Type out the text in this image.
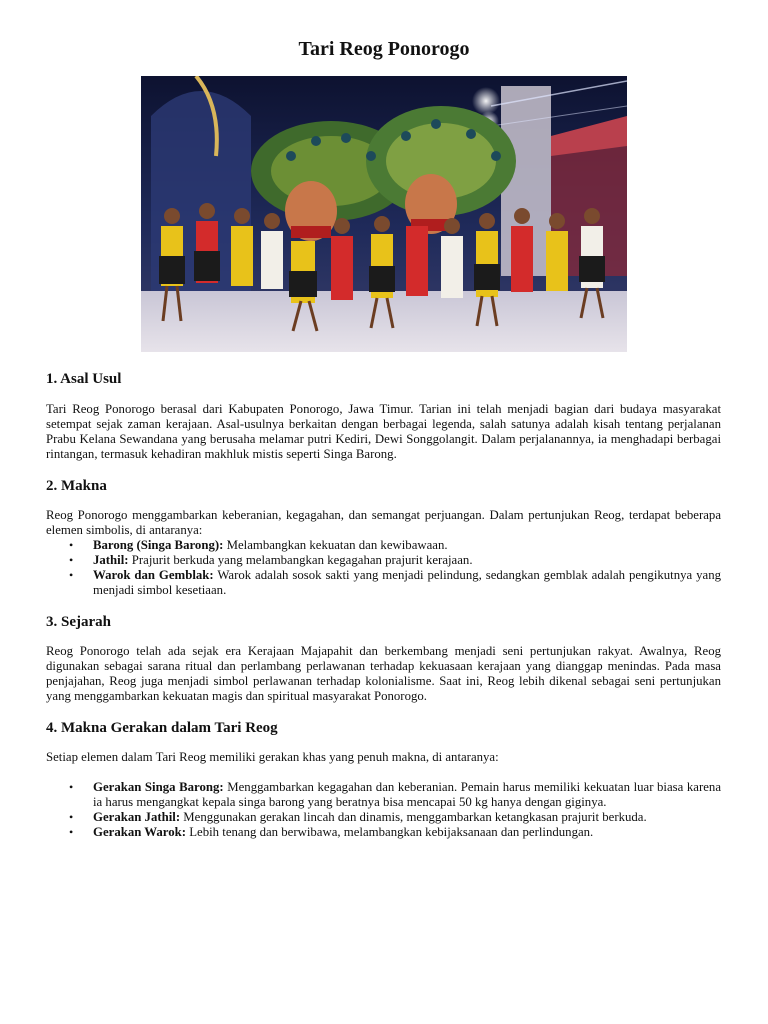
Tari Reog Ponorogo
1. Asal Usul

Tari Reog Ponorogo berasal dari Kabupaten Ponorogo, Jawa Timur. Tarian ini telah menjadi bagian dari budaya masyarakat setempat sejak zaman kerajaan. Asal-usulnya berkaitan dengan berbagai legenda, salah satunya adalah kisah tentang perjalanan Prabu Kelana Sewandana yang berusaha melamar putri Kediri, Dewi Songgolangit. Dalam perjalanannya, ia menghadapi berbagai rintangan, termasuk kehadiran makhluk mistis seperti Singa Barong.

2. Makna

Reog Ponorogo menggambarkan keberanian, kegagahan, dan semangat perjuangan. Dalam pertunjukan Reog, terdapat beberapa elemen simbolis, di antaranya:

• Barong (Singa Barong): Melambangkan kekuatan dan kewibawaan.
• Jathil: Prajurit berkuda yang melambangkan kegagahan prajurit kerajaan.
• Warok dan Gemblak: Warok adalah sosok sakti yang menjadi pelindung, sedangkan gemblak adalah pengikutnya yang menjadi simbol kesetiaan.
3. Sejarah

Reog Ponorogo telah ada sejak era Kerajaan Majapahit dan berkembang menjadi seni pertunjukan rakyat. Awalnya, Reog digunakan sebagai sarana ritual dan perlambang perlawanan terhadap kekuasaan kerajaan yang dianggap menindas. Pada masa penjajahan, Reog juga menjadi simbol perlawanan terhadap kolonialisme. Saat ini, Reog lebih dikenal sebagai seni pertunjukan yang menggambarkan kekuatan magis dan spiritual masyarakat Ponorogo.

4. Makna Gerakan dalam Tari Reog

Setiap elemen dalam Tari Reog memiliki gerakan khas yang penuh makna, di antaranya:

• Gerakan Singa Barong: Menggambarkan kegagahan dan keberanian. Pemain harus memiliki kekuatan luar biasa karena ia harus mengangkat kepala singa barong yang beratnya bisa mencapai 50 kg hanya dengan giginya.
• Gerakan Jathil: Menggunakan gerakan lincah dan dinamis, menggambarkan ketangkasan prajurit berkuda.
• Gerakan Warok: Lebih tenang dan berwibawa, melambangkan kebijaksanaan dan perlindungan.
